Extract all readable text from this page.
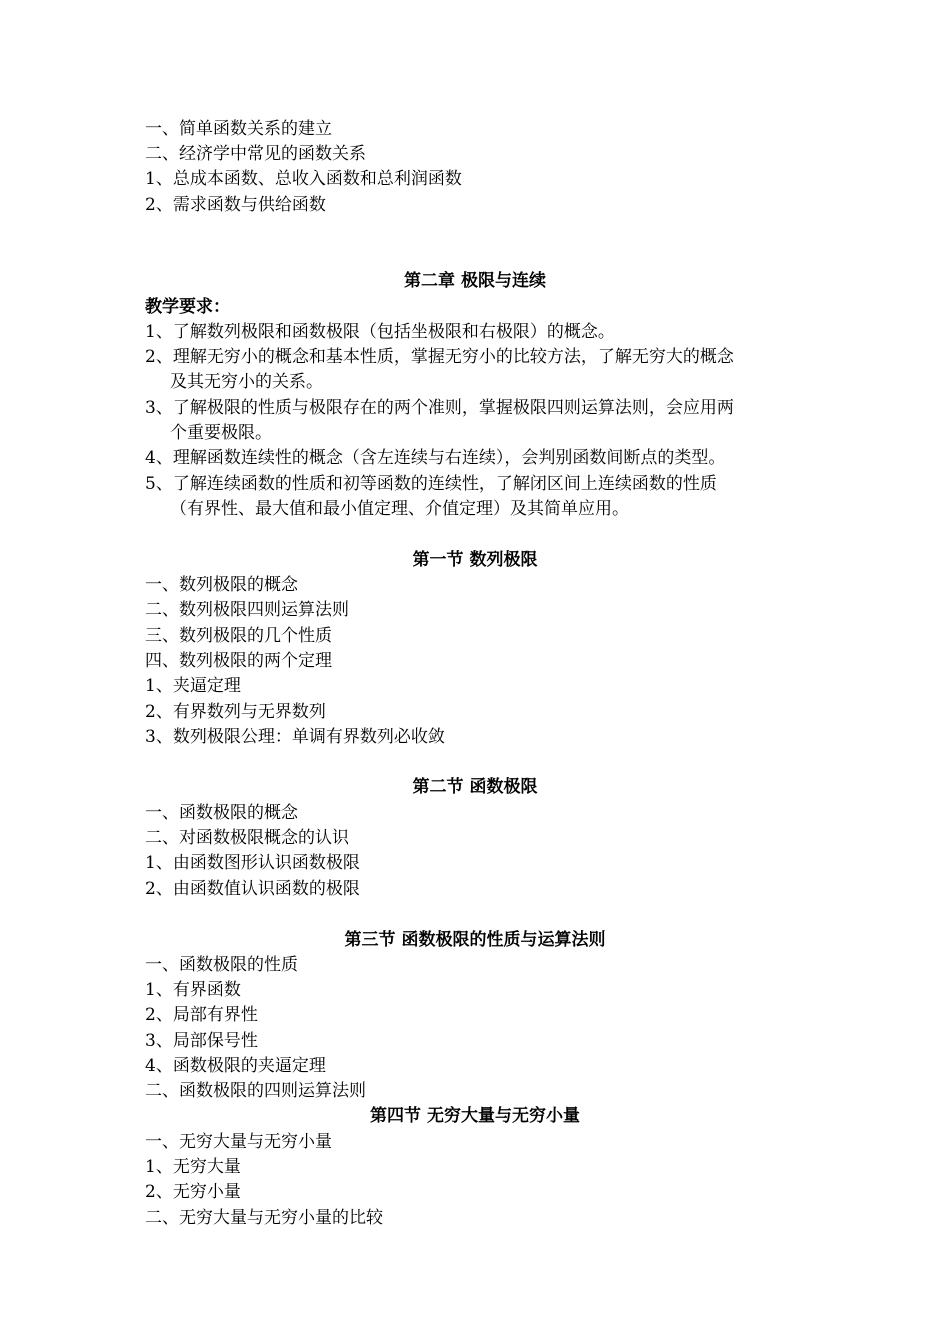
一、简单函数关系的建立
二、经济学中常见的函数关系
1、总成本函数、总收入函数和总利润函数
2、需求函数与供给函数
第二章 极限与连续
教学要求：
1、了解数列极限和函数极限（包括坐极限和右极限）的概念。
2、理解无穷小的概念和基本性质，掌握无穷小的比较方法，了解无穷大的概念
及其无穷小的关系。
3、了解极限的性质与极限存在的两个准则，掌握极限四则运算法则，会应用两
个重要极限。
4、理解函数连续性的概念（含左连续与右连续），会判别函数间断点的类型。
5、了解连续函数的性质和初等函数的连续性，了解闭区间上连续函数的性质
（有界性、最大值和最小值定理、介值定理）及其简单应用。
第一节 数列极限
一、数列极限的概念
二、数列极限四则运算法则
三、数列极限的几个性质
四、数列极限的两个定理
1、夹逼定理
2、有界数列与无界数列
3、数列极限公理：单调有界数列必收敛
第二节 函数极限
一、函数极限的概念
二、对函数极限概念的认识
1、由函数图形认识函数极限
2、由函数值认识函数的极限
第三节 函数极限的性质与运算法则
一、函数极限的性质
1、有界函数
2、局部有界性
3、局部保号性
4、函数极限的夹逼定理
二、函数极限的四则运算法则
第四节 无穷大量与无穷小量
一、无穷大量与无穷小量
1、无穷大量
2、无穷小量
二、无穷大量与无穷小量的比较
